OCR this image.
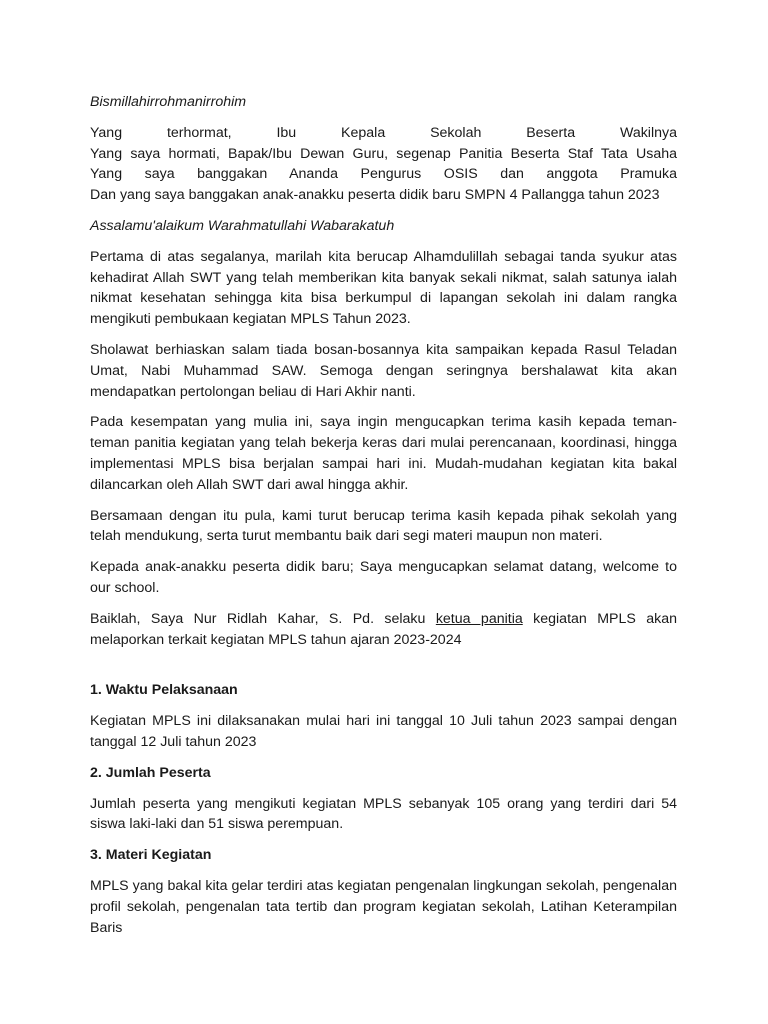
Bismillahirrohmanirrohim

Yang terhormat, Ibu Kepala Sekolah Beserta Wakilnya

Yang saya hormati, Bapak/Ibu Dewan Guru, segenap Panitia Beserta Staf Tata Usaha

Yang saya banggakan Ananda Pengurus OSIS dan anggota Pramuka

Dan yang saya banggakan anak-anakku peserta didik baru SMPN 4 Pallangga tahun 2023

Assalamu'alaikum Warahmatullahi Wabarakatuh

Pertama di atas segalanya, marilah kita berucap Alhamdulillah sebagai tanda syukur atas kehadirat Allah SWT yang telah memberikan kita banyak sekali nikmat, salah satunya ialah nikmat kesehatan sehingga kita bisa berkumpul di lapangan sekolah ini dalam rangka mengikuti pembukaan kegiatan MPLS Tahun 2023.

Sholawat berhiaskan salam tiada bosan-bosannya kita sampaikan kepada Rasul Teladan Umat, Nabi Muhammad SAW. Semoga dengan seringnya bershalawat kita akan mendapatkan pertolongan beliau di Hari Akhir nanti.

Pada kesempatan yang mulia ini, saya ingin mengucapkan terima kasih kepada teman-teman panitia kegiatan yang telah bekerja keras dari mulai perencanaan, koordinasi, hingga implementasi MPLS bisa berjalan sampai hari ini. Mudah-mudahan kegiatan kita bakal dilancarkan oleh Allah SWT dari awal hingga akhir.

Bersamaan dengan itu pula, kami turut berucap terima kasih kepada pihak sekolah yang telah mendukung, serta turut membantu baik dari segi materi maupun non materi.

Kepada anak-anakku peserta didik baru; Saya mengucapkan selamat datang, welcome to our school.

Baiklah, Saya Nur Ridlah Kahar, S. Pd. selaku ketua panitia kegiatan MPLS akan melaporkan terkait kegiatan MPLS tahun ajaran 2023-2024

1. Waktu Pelaksanaan

Kegiatan MPLS ini dilaksanakan mulai hari ini tanggal 10 Juli tahun 2023 sampai dengan tanggal 12 Juli tahun 2023

2. Jumlah Peserta

Jumlah peserta yang mengikuti kegiatan MPLS sebanyak 105 orang yang terdiri dari 54 siswa laki-laki dan 51 siswa perempuan.

3. Materi Kegiatan

MPLS yang bakal kita gelar terdiri atas kegiatan pengenalan lingkungan sekolah, pengenalan profil sekolah, pengenalan tata tertib dan program kegiatan sekolah, Latihan Keterampilan Baris
